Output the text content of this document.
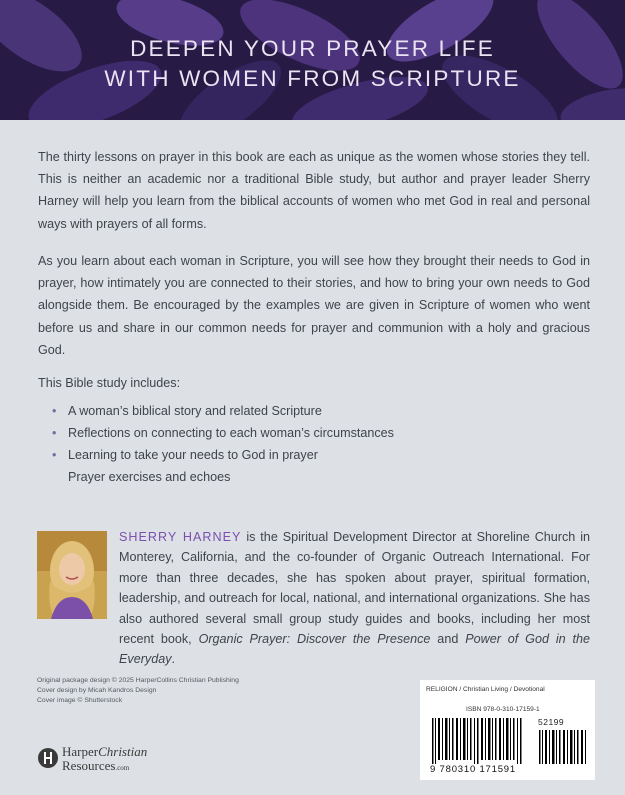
DEEPEN YOUR PRAYER LIFE
WITH WOMEN FROM SCRIPTURE

The thirty lessons on prayer in this book are each as unique as the women whose stories they tell. This is neither an academic nor a traditional Bible study, but author and prayer leader Sherry Harney will help you learn from the biblical accounts of women who met God in real and personal ways with prayers of all forms.

As you learn about each woman in Scripture, you will see how they brought their needs to God in prayer, how intimately you are connected to their stories, and how to bring your own needs to God alongside them. Be encouraged by the examples we are given in Scripture of women who went before us and share in our common needs for prayer and communion with a holy and gracious God.

This Bible study includes:
• A woman’s biblical story and related Scripture
• Reflections on connecting to each woman’s circumstances
• Learning to take your needs to God in prayer
Prayer exercises and echoes

SHERRY HARNEY is the Spiritual Development Director at Shoreline Church in Monterey, California, and the co-founder of Organic Outreach International. For more than three decades, she has spoken about prayer, spiritual formation, leadership, and outreach for local, national, and international organizations. She has also authored several small group study guides and books, including her most recent book, Organic Prayer: Discover the Presence and Power of God in the Everyday.

Original package design © 2025 HarperCollins Christian Publishing
Cover design by Micah Kandros Design
Cover image © Shutterstock
HarperChristian
Resources.com
RELIGION / Christian Living / Devotional
ISBN 978-0-310-17159-1
52199
9 780310 171591
